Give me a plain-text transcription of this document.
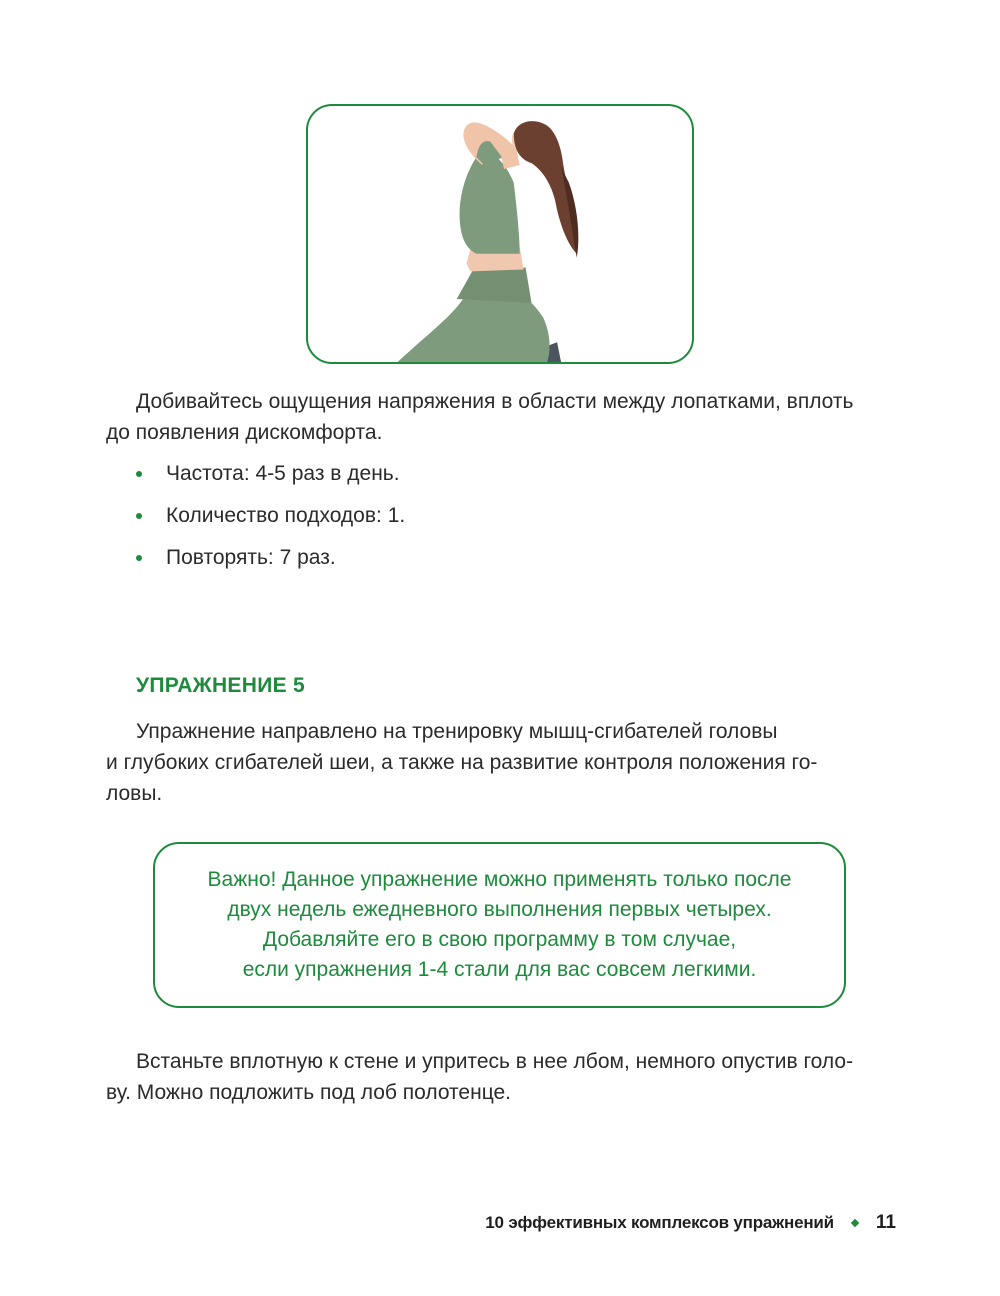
Добивайтесь ощущения напряжения в области между лопатками, вплоть
до появления дискомфорта.
Частота: 4-5 раз в день.
Количество подходов: 1.
Повторять: 7 раз.
УПРАЖНЕНИЕ 5
Упражнение направлено на тренировку мышц-сгибателей головы
и глубоких сгибателей шеи, а также на развитие контроля положения го-
ловы.
Важно! Данное упражнение можно применять только после
двух недель ежедневного выполнения первых четырех.
Добавляйте его в свою программу в том случае,
если упражнения 1-4 стали для вас совсем легкими.
Встаньте вплотную к стене и упритесь в нее лбом, немного опустив голо-
ву. Можно подложить под лоб полотенце.
10 эффективных комплексов упражнений 11
